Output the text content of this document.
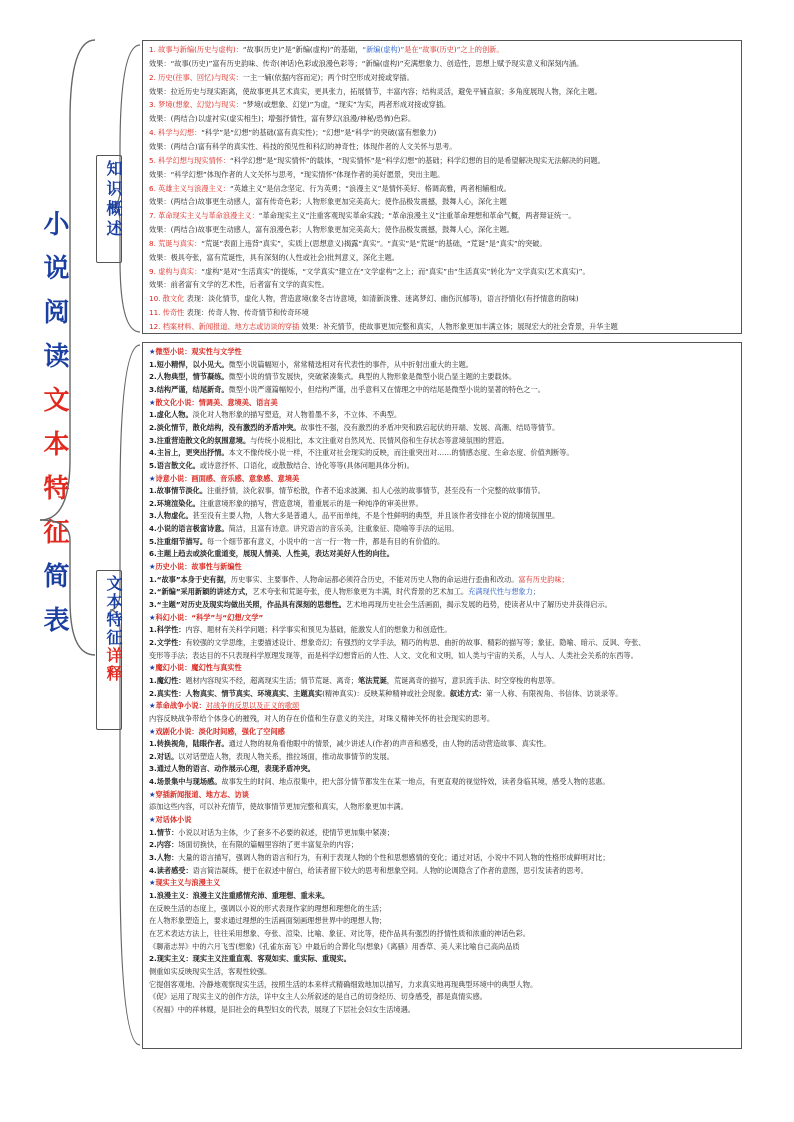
小说阅读文本特征简表
知识概述
文本特征详释
1. 故事与新编(历史与虚构)：“故事(历史)”是“新编(虚构)”的基础，“新编(虚构)”是在“故事(历史)”之上的创新。
效果：“故事(历史)”富有历史韵味、传奇(神话)色彩或浪漫色彩等；“新编(虚构)”充满想象力、创造性，思想上赋予现实意义和深刻内涵。
2. 历史(往事、回忆)与现实：一主一辅(依据内容而定)；两个时空形成对接或穿插。
效果：拉近历史与现实距离，使故事更具艺术真实，更具张力，拓展情节，丰富内容；结构灵活，避免平铺直叙；多角度展现人物，深化主题。
3. 梦境(想象、幻觉)与现实：“梦境(或想象、幻觉)”为虚，“现实”为实，两者形成对接或穿插。
效果：(两结合)以虚衬实(虚实相生)；增强抒情性，富有梦幻(浪漫/神秘/恐怖)色彩。
4. 科学与幻想：“科学”是“幻想”的基础(富有真实性)；“幻想”是“科学”的突破(富有想象力)
效果：(两结合)富有科学的真实性、科技的预见性和科幻的神奇性；体现作者的人文关怀与思考。
5. 科学幻想与现实情怀：“科学幻想”是“现实情怀”的载体，“现实情怀”是“科学幻想”的基础；科学幻想的目的是希望解决现实无法解决的问题。
效果：“科学幻想”体现作者的人文关怀与思考，“现实情怀”体现作者的美好愿景，突出主题。
6. 英雄主义与浪漫主义：“英雄主义”是信念坚定、行为英勇；“浪漫主义”是情怀美好、格调高雅，两者相辅相成。
效果：(两结合)故事更生动感人，富有传奇色彩；人物形象更加完美高大；使作品极发震撼，鼓舞人心，深化主题
7. 革命现实主义与革命浪漫主义：“革命现实主义”注重客观现实革命实践；“革命浪漫主义”注重革命理想和革命气概，两者辩证统一。
效果：(两结合)故事更生动感人，富有浪漫色彩；人物形象更加完美高大；使作品极发震撼，鼓舞人心，深化主题。
8. 荒诞与真实：“荒诞”表面上违背“真实”，实质上(思想意义)揭露“真实”。“真实”是“荒诞”的基础，“荒诞”是“真实”的突破。
效果：极具夸张，富有荒诞性，具有深刻的(人性或社会)批判意义，深化主题。
9. 虚构与真实：“虚构”是对“生活真实”的提炼，“文学真实”建立在“文学虚构”之上；而“真实”由“生活真实”转化为“文学真实(艺术真实)”。
效果：前者富有文学的艺术性，后者富有文学的真实性。
10. 散文化 表现：淡化情节，虚化人物，营造意境(象冬吉诗意境，如清新淡雅、迷离梦幻、幽伤沉郁等)，语言抒情化(有抒情意的韵味)
11. 传奇性 表现：传奇人物、传奇情节和传奇环境
12. 档案材料、新闻报道、地方志或访谈的穿插 效果：补充情节，使故事更加完整和真实，人物形象更加丰满立体；展现宏大的社会背景，升华主题
★微型小说：观实性与文学性
1.短小精悍，以小见大。微型小说篇幅短小，常常精选相对有代表性的事件，从中折射出重大的主题。
2.人物典型，情节凝练。微型小说的情节发展快，突破紧凑集式。典型的人物形象是微型小说凸显主题的主要载体。
3.结构严谨，结尾新奇。微型小说严谨篇幅短小，但结构严谨，出乎意料又在情理之中的结尾是微型小说的显著的特色之一。
★散文化小说：情调美、意境美、语言美
1.虚化人物。淡化对人物形象的描写塑造，对人物着墨不多，不立体、不典型。
2.淡化情节，散化结构，没有激烈的矛盾冲突。故事性不强，没有激烈的矛盾冲突和跌宕起伏的开端、发展、高潮、结局等情节。
3.注重营造散文化的氛围意境。与传统小说相比，本文注重对自然风光、民情风俗和生存状态等意境氛围的营造。
4.主旨上，更突出抒情。本文不像传统小说一样，不注重对社会现实的反映，而注重突出对……的情感态度、生命态度、价值判断等。
5.语言散文化。或诗意抒怀、口语化，或散散结合、诗化等等(具体问题具体分析)。
★诗意小说：画面感、音乐感、意象感、意境美
1.故事情节淡化。注重抒情，淡化叙事，情节松散，作者不追求波澜、扣人心弦的故事情节，甚至没有一个完整的故事情节。
2.环境渲染化。注重意境形象的描写，营造意境，着重展示的是一种纯净的审美世界。
3.人物虚化。甚至没有主要人物，人物大多是普通人，品平而单纯，不是个性鲜明的典型，并且该作者安排在小说的情境氛围里。
4.小说的语言极富诗意。简洁，且富有诗意。讲究语言的音乐美，注重象征、隐喻等手法的运用。
5.注重细节描写。每一个细节都有意义，小说中的一言一行一物一件，都是有目的有价值的。
6.主题上趋去或淡化重道变，展现人情美、人性美，表达对美好人性的向往。
★历史小说：故事性与新编性
1.“故事”本身于史有据，历史事实、主要事件、人物命运都必须符合历史，不能对历史人物的命运进行歪曲和改动。富有历史韵味；
2.“新编”采用新颖的讲述方式，艺术夸张和荒诞夸张，使人物形象更为丰满，时代背景的艺术加工。充满现代性与想象力；
3.“主题”对历史及现实均做出关照，作品具有深刻的思想性。艺术地再现历史社会生活画面，揭示发展的趋势，使读者从中了解历史并获得启示。
★科幻小说：“科学”与“幻想/文学”
1.科学性：内容、题材有关科学问题；科学事实和预见为基础，能激发人们的想象力和创造性。
2.文学性：有较强的文学思维，主要描述设计、想象奇幻；有强烈的文学手法，精巧的构思、曲折的故事、精彩的描写等；象征、隐喻、暗示、反讽、夸张、
变形等手法；表达目的不只表现科学原理发现等，而是科学幻想背后的人性、人文、文化和文明，如人类与宇宙的关系，人与人、人类社会关系的东西等。
★魔幻小说：魔幻性与真实性
1.魔幻性：题材内容现实不经，超离现实生活；情节荒诞、离奇；笔法荒诞，荒诞离奇的描写，意识流手法、时空穿梭的构思等。
2.真实性：人物真实、情节真实、环境真实、主题真实(精神真实)：反映某种精神或社会现象。叙述方式：第一人称、有限视角、书信体、访谈录等。
★革命战争小说：对战争的反思以及正义的歌颂
内容反映战争带给个体身心的摧残，对人的存在价值和生存意义的关注，对珠义精神关怀的社会现实的思考。
★戏剧化小说：淡化时间感，强化了空间感
1.转换视角，陆眼作者。通过人物的视角看他眼中的情景，减少讲述人(作者)的声音和感受，由人物的活动营造故事、真实性。
2.对话。以对话塑造人物，表现人物关系，推拉场面，推动故事情节的发展。
3.通过人物的语言、动作展示心理，表现矛盾冲突。
4.场景集中与现场感。故事发生的时间、地点很集中，把大部分情节都发生在某一地点，有更直观的视觉特效，读者身临其境，感受人物的悲惠。
★穿插新闻报道、地方志、访谈
添加这些内容，可以补充情节，使故事情节更加完整和真实，人物形象更加丰满。
★对话体小说
1.情节：小说以对话为主体，少了套多不必要的叙述，使情节更加集中紧凑；
2.内容：场面切换快，在有限的篇幅里容纳了更丰富复杂的内容；
3.人物：大量的语言描写，强调人物的语言和行为，有利于表现人物的个性和思想感情的变化；通过对话，小说中不同人物的性格形成鲜明对比；
4.读者感受：语言简洁凝练，便于在叙述中留白，给读者留下较大的思考和想象空间。人物的论调隐含了作者的意图，思引发读者的思考。
★现实主义与浪漫主义
1.浪漫主义：浪漫主义注重感情充沛、重理想、重未来。
在反映生活的态度上，强调以小说的形式表现作家的理想和理想化的生活；
在人物形象塑造上，要求通过理想的生活画面刻画理想世界中的理想人物；
在艺术表达方法上，往往采用想象、夸张、渲染、比喻、象征、对比等，使作品具有强烈的抒情性质和浓重的神话色彩。
《聊斋志异》中的六月飞雪(想象)《孔雀东南飞》中最后的合葬化鸟(想象)《离骚》用香草、美人来比喻自己高尚品质
2.现实主义：现实主义注重直观、客观如实、重实际、重现实。
侧重如实反映现实生活，客观性较强。
它提倡客观地、冷静地观察现实生活，按照生活的本来样式精确细致地加以描写，力求真实地再现典型环境中的典型人物。
《促》运用了现实主义的创作方法，详中女主人公所叙述的是自己的切身经历、切身感受，都是真情实感。
《祝福》中的祥林嫂，是旧社会的典型妇女的代表，展现了下层社会妇女生活境遇。
